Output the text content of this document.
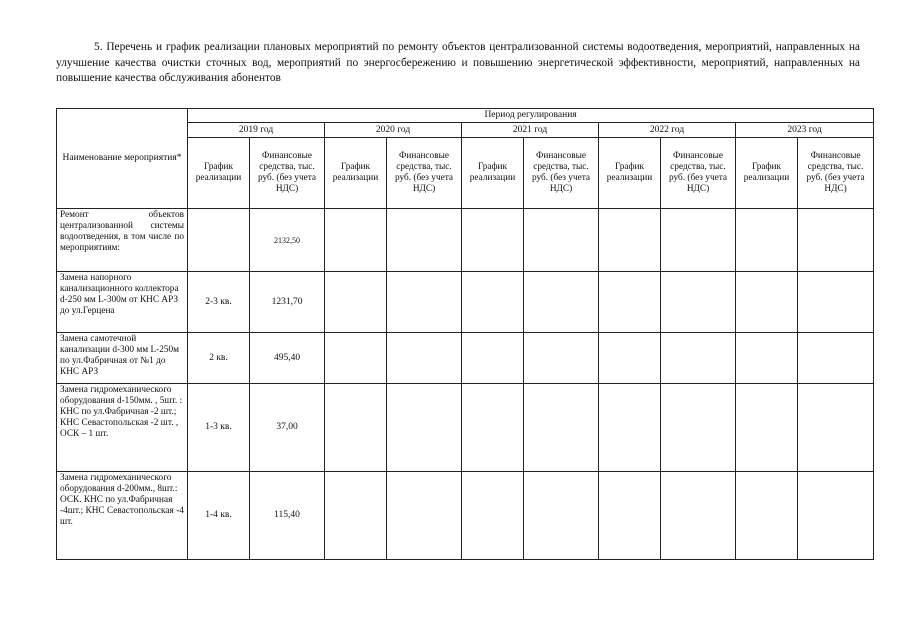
5. Перечень и график реализации плановых мероприятий по ремонту объектов централизованной системы водоотведения, мероприятий, направленных на улучшение качества очистки сточных вод, мероприятий по энергосбережению и повышению энергетической эффективности, мероприятий, направленных на повышение качества обслуживания абонентов
Наименование мероприятия*	Период регулирования									
	2019 год		2020 год		2021 год		2022 год		2023 год	
	График реализации	Финансовые средства, тыс. руб. (без учета НДС)	График реализации	Финансовые средства, тыс. руб. (без учета НДС)	График реализации	Финансовые средства, тыс. руб. (без учета НДС)	График реализации	Финансовые средства, тыс. руб. (без учета НДС)	График реализации	Финансовые средства, тыс. руб. (без учета НДС)
Ремонт объектов централизованной системы водоотведения, в том числе по мероприятиям:		2132,50								
Замена напорного канализационного коллектора d-250 мм L-300м от КНС АРЗ до ул.Герцена	2-3 кв.	1231,70								
Замена самотечной канализации d-300 мм L-250м по ул.Фабричная от №1 до КНС АРЗ	2 кв.	495,40								
Замена гидромеханического оборудования d-150мм. , 5шт. : КНС по ул.Фабричная -2 шт.; КНС Севастопольская -2 шт. , ОСК – 1 шт.	1-3 кв.	37,00								
Замена гидромеханического оборудования d-200мм., 8шт.: ОСК. КНС по ул.Фабричная -4шт.; КНС Севастопольская -4 шт.	1-4 кв.	115,40								
